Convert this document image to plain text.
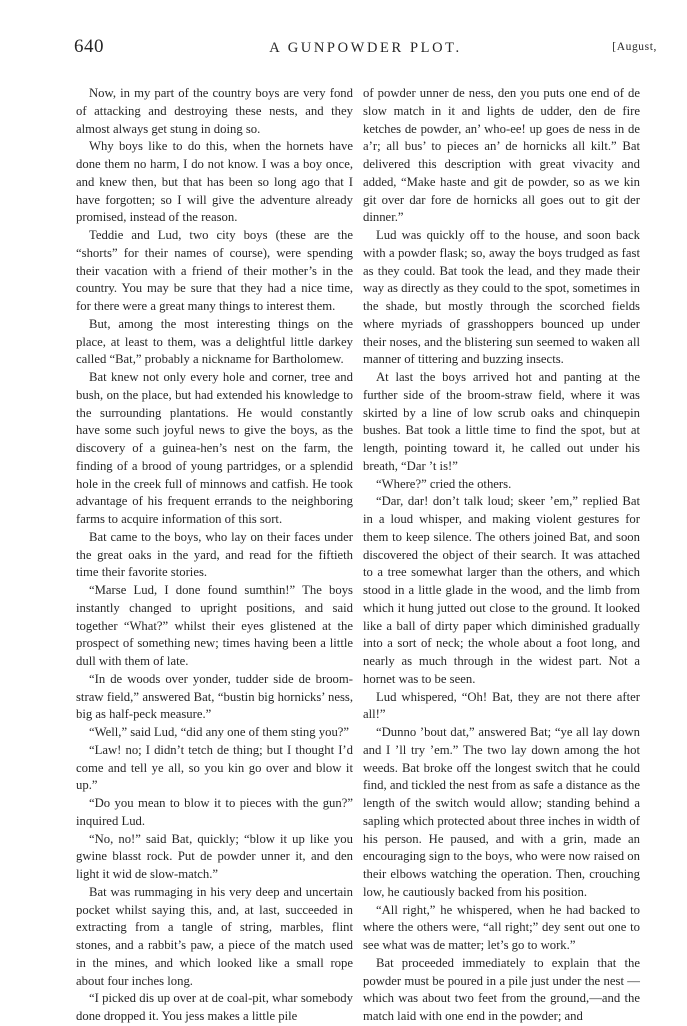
640	A GUNPOWDER PLOT.	[August,

Now, in my part of the country boys are very fond of attacking and destroying these nests, and they almost always get stung in doing so.

Why boys like to do this, when the hornets have done them no harm, I do not know. I was a boy once, and knew then, but that has been so long ago that I have forgotten; so I will give the adventure already promised, instead of the reason.

Teddie and Lud, two city boys (these are the “shorts” for their names of course), were spending their vacation with a friend of their mother’s in the country. You may be sure that they had a nice time, for there were a great many things to interest them.

But, among the most interesting things on the place, at least to them, was a delightful little darkey called “Bat,” probably a nickname for Bartholomew.

Bat knew not only every hole and corner, tree and bush, on the place, but had extended his knowledge to the surrounding plantations. He would constantly have some such joyful news to give the boys, as the discovery of a guinea-hen’s nest on the farm, the finding of a brood of young partridges, or a splendid hole in the creek full of minnows and catfish. He took advantage of his frequent errands to the neighboring farms to acquire information of this sort.

Bat came to the boys, who lay on their faces under the great oaks in the yard, and read for the fiftieth time their favorite stories.

“Marse Lud, I done found sumthin!” The boys instantly changed to upright positions, and said together “What?” whilst their eyes glistened at the prospect of something new; times having been a little dull with them of late.

“In de woods over yonder, tudder side de broom-straw field,” answered Bat, “bustin big hornicks’ ness, big as half-peck measure.”

“Well,” said Lud, “did any one of them sting you?”

“Law! no; I didn’t tetch de thing; but I thought I’d come and tell ye all, so you kin go over and blow it up.”

“Do you mean to blow it to pieces with the gun?” inquired Lud.

“No, no!” said Bat, quickly; “blow it up like you gwine blasst rock. Put de powder unner it, and den light it wid de slow-match.”

Bat was rummaging in his very deep and uncertain pocket whilst saying this, and, at last, succeeded in extracting from a tangle of string, marbles, flint stones, and a rabbit’s paw, a piece of the match used in the mines, and which looked like a small rope about four inches long.

“I picked dis up over at de coal-pit, whar somebody done dropped it. You jess makes a little pile

of powder unner de ness, den you puts one end of de slow match in it and lights de udder, den de fire ketches de powder, an’ who-ee! up goes de ness in de a’r; all bus’ to pieces an’ de hornicks all kilt.” Bat delivered this description with great vivacity and added, “Make haste and git de powder, so as we kin git over dar fore de hornicks all goes out to git der dinner.”

Lud was quickly off to the house, and soon back with a powder flask; so, away the boys trudged as fast as they could. Bat took the lead, and they made their way as directly as they could to the spot, sometimes in the shade, but mostly through the scorched fields where myriads of grasshoppers bounced up under their noses, and the blistering sun seemed to waken all manner of tittering and buzzing insects.

At last the boys arrived hot and panting at the further side of the broom-straw field, where it was skirted by a line of low scrub oaks and chinquepin bushes. Bat took a little time to find the spot, but at length, pointing toward it, he called out under his breath, “Dar ’t is!”

“Where?” cried the others.

“Dar, dar! don’t talk loud; skeer ’em,” replied Bat in a loud whisper, and making violent gestures for them to keep silence. The others joined Bat, and soon discovered the object of their search. It was attached to a tree somewhat larger than the others, and which stood in a little glade in the wood, and the limb from which it hung jutted out close to the ground. It looked like a ball of dirty paper which diminished gradually into a sort of neck; the whole about a foot long, and nearly as much through in the widest part. Not a hornet was to be seen.

Lud whispered, “Oh! Bat, they are not there after all!”

“Dunno ’bout dat,” answered Bat; “ye all lay down and I ’ll try ’em.” The two lay down among the hot weeds. Bat broke off the longest switch that he could find, and tickled the nest from as safe a distance as the length of the switch would allow; standing behind a sapling which protected about three inches in width of his person. He paused, and with a grin, made an encouraging sign to the boys, who were now raised on their elbows watching the operation. Then, crouching low, he cautiously backed from his position.

“All right,” he whispered, when he had backed to where the others were, “all right;” dey sent out one to see what was de matter; let’s go to work.”

Bat proceeded immediately to explain that the powder must be poured in a pile just under the nest —which was about two feet from the ground,—and the match laid with one end in the powder; and
